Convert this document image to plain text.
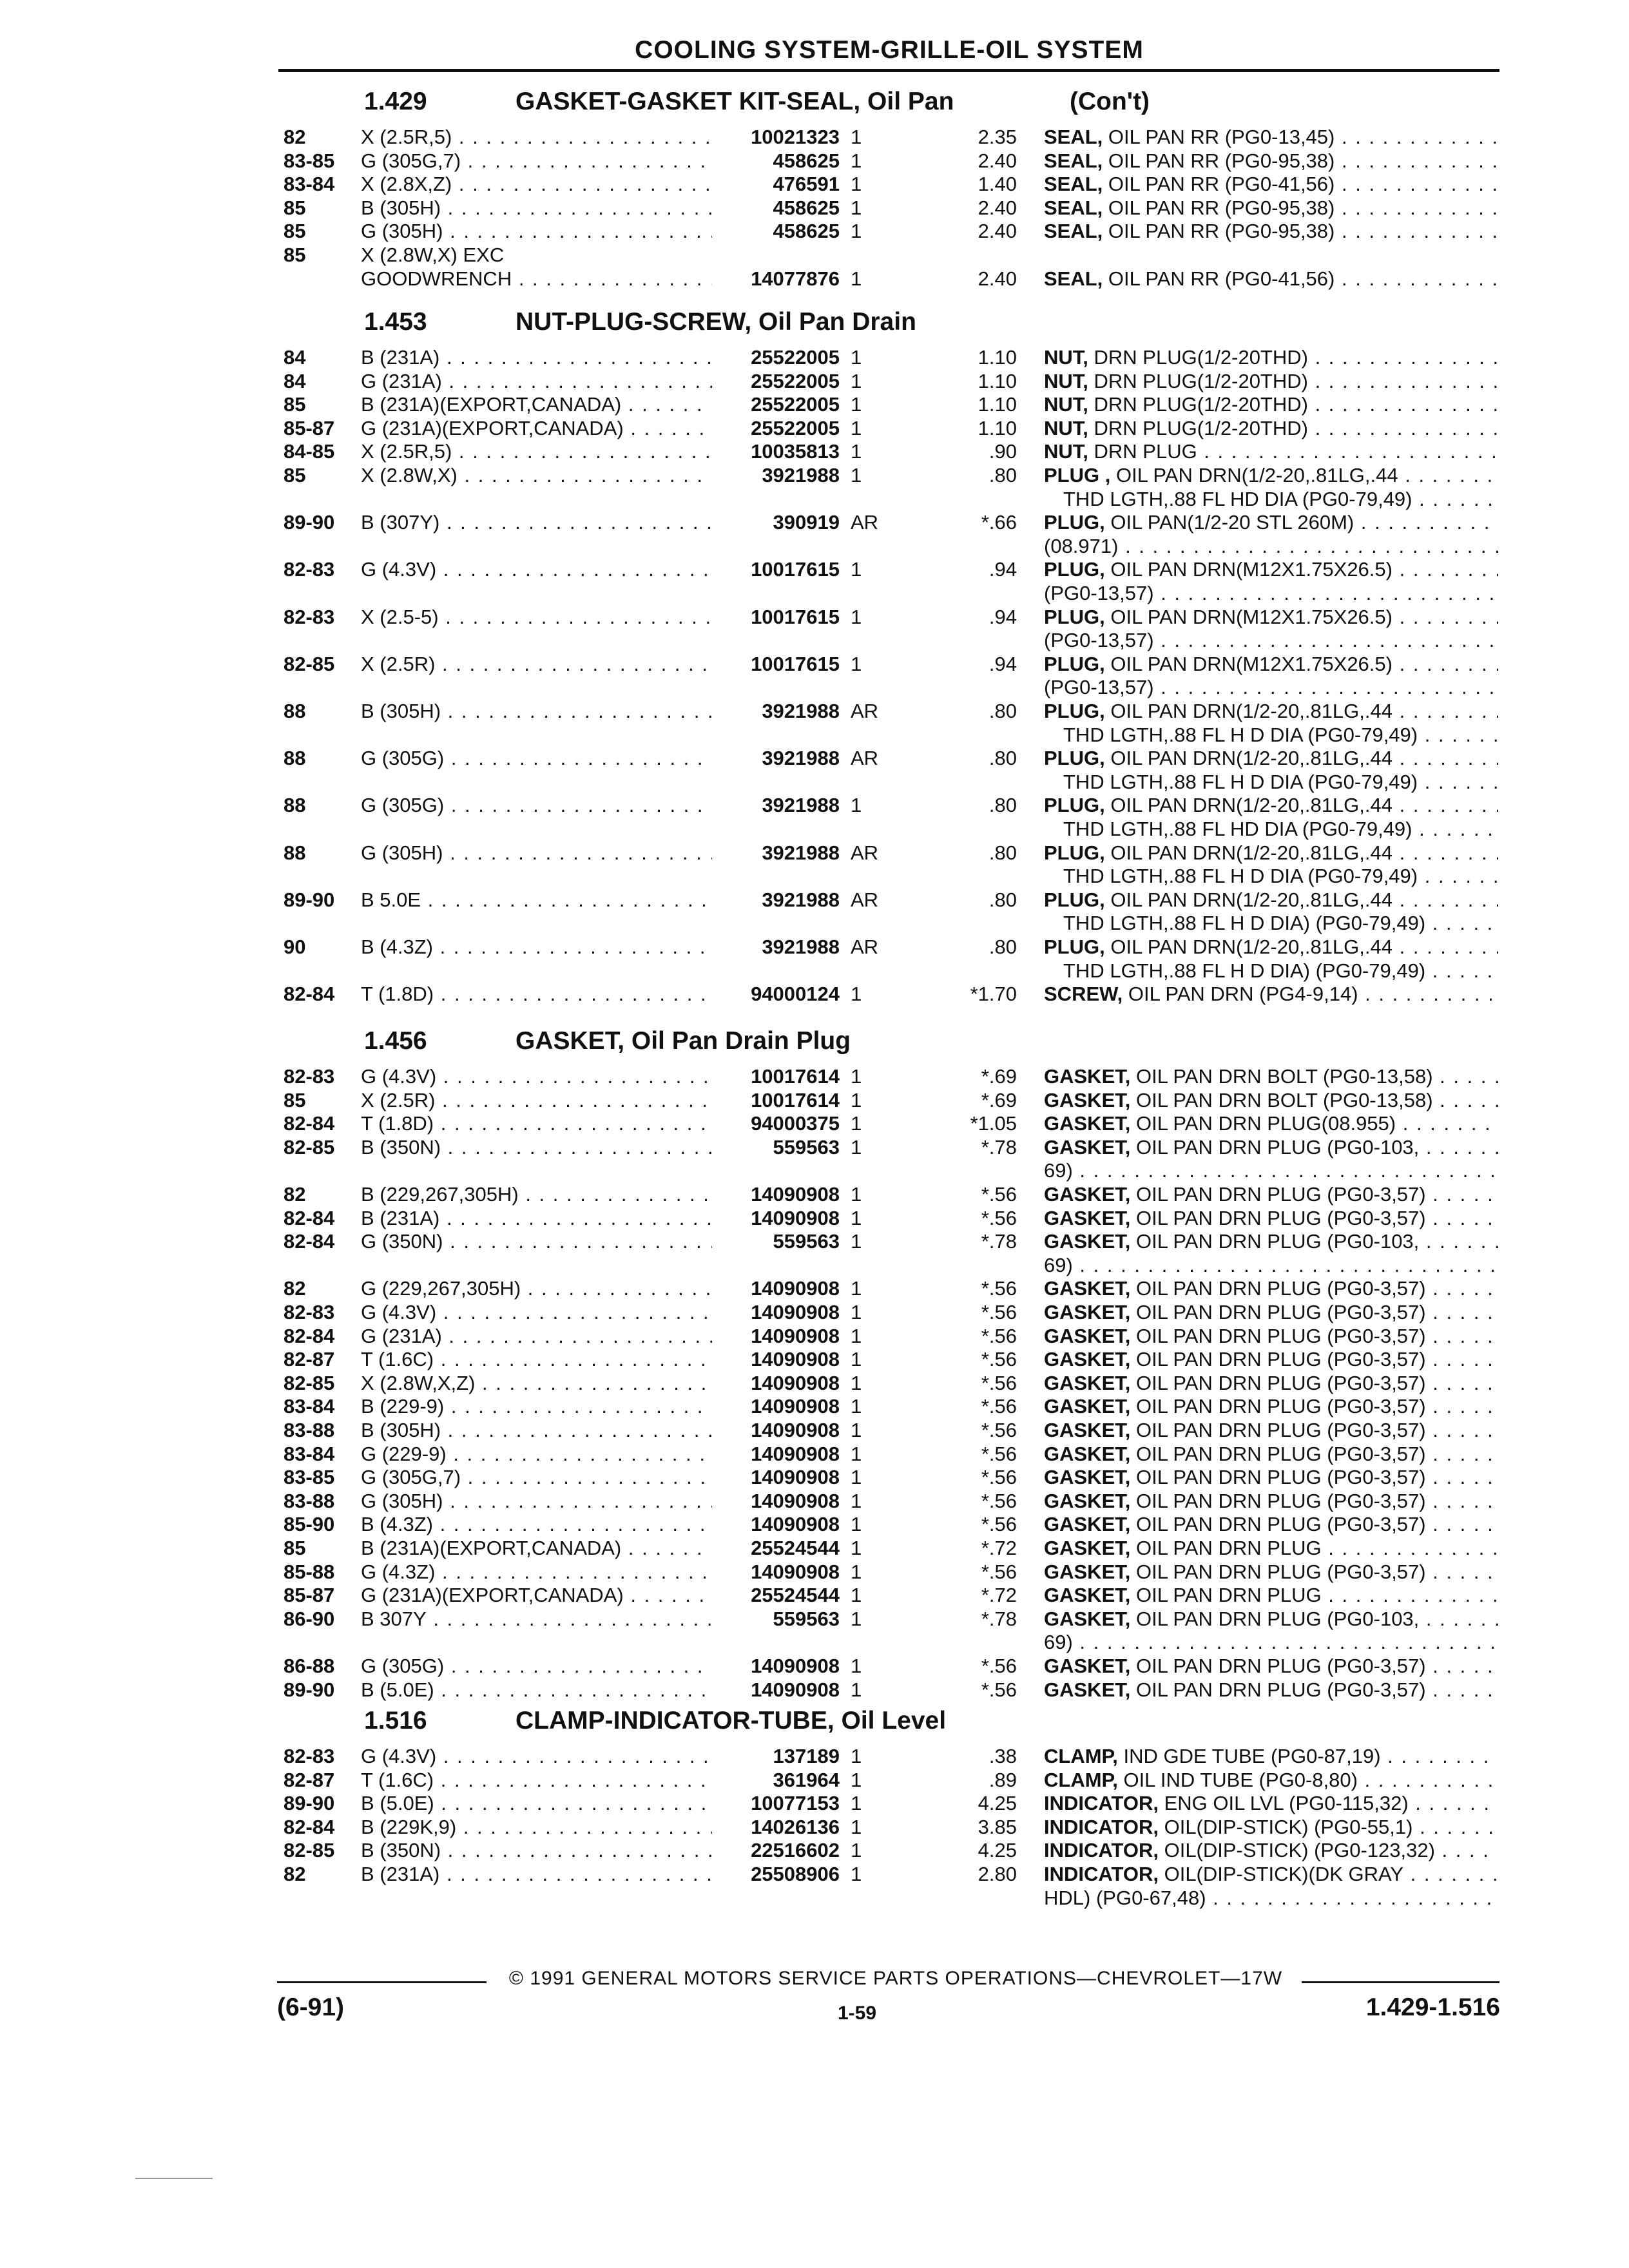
COOLING SYSTEM-GRILLE-OIL SYSTEM
1.429	GASKET-GASKET KIT-SEAL, Oil Pan	(Con't)
1.453	NUT-PLUG-SCREW, Oil Pan Drain
1.456	GASKET, Oil Pan Drain Plug
1.516	CLAMP-INDICATOR-TUBE, Oil Level
82	X (2.5R,5) . . .	10021323 1	2.35 SEAL, OIL PAN RR (PG0-13,45) . . .
83-85 G (305G,7) . . .	458625 1	2.40 SEAL, OIL PAN RR (PG0-95,38) . . .
83-84 X (2.8X,Z) . . .	476591 1	1.40 SEAL, OIL PAN RR (PG0-41,56) . . .
85	B (305H) . . .	458625 1	2.40 SEAL, OIL PAN RR (PG0-95,38) . . .
85	G (305H) . . .	458625 1	2.40 SEAL, OIL PAN RR (PG0-95,38) . . .
85	X (2.8W,X) EXC
GOODWRENCH . . .	14077876 1	2.40 SEAL, OIL PAN RR (PG0-41,56) . . .
84	B (231A) . . .	25522005 1	1.10 NUT, DRN PLUG(1/2-20THD) . . .
84	G (231A) . . .	25522005 1	1.10 NUT, DRN PLUG(1/2-20THD) . . .
85	B (231A)(EXPORT,CANADA) . . .	25522005 1	1.10 NUT, DRN PLUG(1/2-20THD) . . .
85-87 G (231A)(EXPORT,CANADA) . . .	25522005 1	1.10 NUT, DRN PLUG(1/2-20THD) . . .
84-85 X (2.5R,5) . . .	10035813 1	.90 NUT, DRN PLUG . . .
85	X (2.8W,X) . . .	3921988 1	.80 PLUG , OIL PAN DRN(1/2-20,.81LG,.44 . . .
THD LGTH,.88 FL HD DIA (PG0-79,49) . . .
89-90 B (307Y) . . .	390919 AR	*.66 PLUG, OIL PAN(1/2-20 STL 260M) . . .
(08.971) . . .
82-83 G (4.3V) . . .	10017615 1	.94 PLUG, OIL PAN DRN(M12X1.75X26.5) . . .
(PG0-13,57) . . .
82-83 X (2.5-5) . . .	10017615 1	.94 PLUG, OIL PAN DRN(M12X1.75X26.5) . . .
(PG0-13,57) . . .
82-85 X (2.5R) . . .	10017615 1	.94 PLUG, OIL PAN DRN(M12X1.75X26.5) . . .
(PG0-13,57) . . .
88	B (305H) . . .	3921988 AR	.80 PLUG, OIL PAN DRN(1/2-20,.81LG,.44 . . .
THD LGTH,.88 FL H D DIA (PG0-79,49) . . .
88	G (305G) . . .	3921988 AR	.80 PLUG, OIL PAN DRN(1/2-20,.81LG,.44 . . .
THD LGTH,.88 FL H D DIA (PG0-79,49) . . .
88	G (305G) . . .	3921988 1	.80 PLUG, OIL PAN DRN(1/2-20,.81LG,.44 . . .
THD LGTH,.88 FL HD DIA (PG0-79,49) . . .
88	G (305H) . . .	3921988 AR	.80 PLUG, OIL PAN DRN(1/2-20,.81LG,.44 . . .
THD LGTH,.88 FL H D DIA (PG0-79,49) . . .
89-90 B 5.0E . . .	3921988 AR	.80 PLUG, OIL PAN DRN(1/2-20,.81LG,.44 . . .
THD LGTH,.88 FL H D DIA) (PG0-79,49) . . .
90	B (4.3Z) . . .	3921988 AR	.80 PLUG, OIL PAN DRN(1/2-20,.81LG,.44 . . .
THD LGTH,.88 FL H D DIA) (PG0-79,49) . . .
82-84 T (1.8D) . . .	94000124 1	*1.70 SCREW, OIL PAN DRN (PG4-9,14) . . .
82-83 G (4.3V) . . .	10017614 1	*.69 GASKET, OIL PAN DRN BOLT (PG0-13,58) . . .
85	X (2.5R) . . .	10017614 1	*.69 GASKET, OIL PAN DRN BOLT (PG0-13,58) . . .
82-84 T (1.8D) . . .	94000375 1	*1.05 GASKET, OIL PAN DRN PLUG(08.955) . . .
82-85 B (350N) . . .	559563 1	*.78 GASKET, OIL PAN DRN PLUG (PG0-103, . . .
69) . . .
82	B (229,267,305H) . . .	14090908 1	*.56 GASKET, OIL PAN DRN PLUG (PG0-3,57) . . .
82-84 B (231A) . . .	14090908 1	*.56 GASKET, OIL PAN DRN PLUG (PG0-3,57) . . .
82-84 G (350N) . . .	559563 1	*.78 GASKET, OIL PAN DRN PLUG (PG0-103, . . .
69) . . .
82	G (229,267,305H) . . .	14090908 1	*.56 GASKET, OIL PAN DRN PLUG (PG0-3,57) . . .
82-83 G (4.3V) . . .	14090908 1	*.56 GASKET, OIL PAN DRN PLUG (PG0-3,57) . . .
82-84 G (231A) . . .	14090908 1	*.56 GASKET, OIL PAN DRN PLUG (PG0-3,57) . . .
82-87 T (1.6C) . . .	14090908 1	*.56 GASKET, OIL PAN DRN PLUG (PG0-3,57) . . .
82-85 X (2.8W,X,Z) . . .	14090908 1	*.56 GASKET, OIL PAN DRN PLUG (PG0-3,57) . . .
83-84 B (229-9) . . .	14090908 1	*.56 GASKET, OIL PAN DRN PLUG (PG0-3,57) . . .
83-88 B (305H) . . .	14090908 1	*.56 GASKET, OIL PAN DRN PLUG (PG0-3,57) . . .
83-84 G (229-9) . . .	14090908 1	*.56 GASKET, OIL PAN DRN PLUG (PG0-3,57) . . .
83-85 G (305G,7) . . .	14090908 1	*.56 GASKET, OIL PAN DRN PLUG (PG0-3,57) . . .
83-88 G (305H) . . .	14090908 1	*.56 GASKET, OIL PAN DRN PLUG (PG0-3,57) . . .
85-90 B (4.3Z) . . .	14090908 1	*.56 GASKET, OIL PAN DRN PLUG (PG0-3,57) . . .
85	B (231A)(EXPORT,CANADA) . . .	25524544 1	*.72 GASKET, OIL PAN DRN PLUG . . .
85-88 G (4.3Z) . . .	14090908 1	*.56 GASKET, OIL PAN DRN PLUG (PG0-3,57) . . .
85-87 G (231A)(EXPORT,CANADA) . . .	25524544 1	*.72 GASKET, OIL PAN DRN PLUG . . .
86-90 B 307Y . . .	559563 1	*.78 GASKET, OIL PAN DRN PLUG (PG0-103, . . .
69) . . .
86-88 G (305G) . . .	14090908 1	*.56 GASKET, OIL PAN DRN PLUG (PG0-3,57) . . .
89-90 B (5.0E) . . .	14090908 1	*.56 GASKET, OIL PAN DRN PLUG (PG0-3,57) . . .
82-83 G (4.3V) . . .	137189 1	.38 CLAMP, IND GDE TUBE (PG0-87,19) . . .
82-87 T (1.6C) . . .	361964 1	.89 CLAMP, OIL IND TUBE (PG0-8,80) . . .
89-90 B (5.0E) . . .	10077153 1	4.25 INDICATOR, ENG OIL LVL (PG0-115,32) . . .
82-84 B (229K,9) . . .	14026136 1	3.85 INDICATOR, OIL(DIP-STICK) (PG0-55,1) . . .
82-85 B (350N) . . .	22516602 1	4.25 INDICATOR, OIL(DIP-STICK) (PG0-123,32) . . .
82	B (231A) . . .	25508906 1	2.80 INDICATOR, OIL(DIP-STICK)(DK GRAY . . .
HDL) (PG0-67,48) . . .
© 1991 GENERAL MOTORS SERVICE PARTS OPERATIONS—CHEVROLET—17W
(6-91)	1-59	1.429-1.516
